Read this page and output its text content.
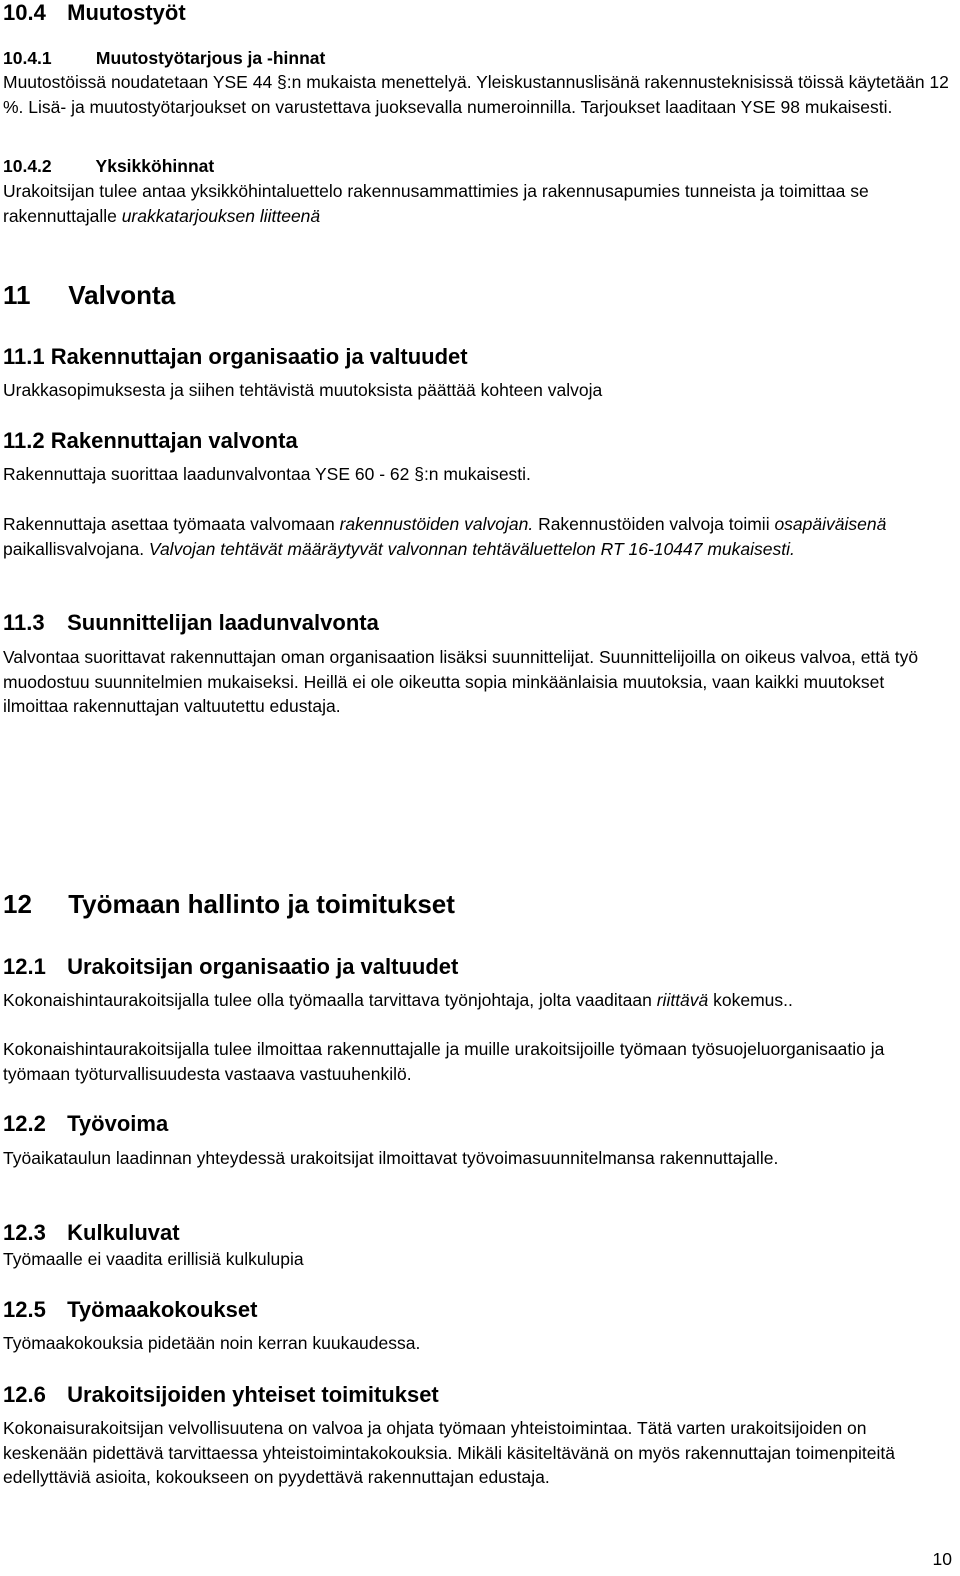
10.4 Muutostyöt
10.4.1	Muutostyötarjous ja -hinnat

Muutostöissä noudatetaan YSE 44 §:n mukaista menettelyä. Yleiskustannuslisänä rakennusteknisissä töissä käytetään 12 %. Lisä- ja muutostyötarjoukset on varustettava juoksevalla numeroinnilla. Tarjoukset laaditaan YSE 98 mukaisesti.

10.4.2	Yksikköhinnat

Urakoitsijan tulee antaa yksikköhintaluettelo rakennusammattimies ja rakennusapumies tunneista ja toimittaa se rakennuttajalle urakkatarjouksen liitteenä

11 Valvonta
11.1 Rakennuttajan organisaatio ja valtuudet

Urakkasopimuksesta ja siihen tehtävistä muutoksista päättää kohteen valvoja

11.2 Rakennuttajan valvonta

Rakennuttaja suorittaa laadunvalvontaa YSE 60 - 62 §:n mukaisesti.

Rakennuttaja asettaa työmaata valvomaan rakennustöiden valvojan. Rakennustöiden valvoja toimii osapäiväisenä paikallisvalvojana. Valvojan tehtävät määräytyvät valvonnan tehtäväluettelon RT 16-10447 mukaisesti.

11.3 Suunnittelijan laadunvalvonta

Valvontaa suorittavat rakennuttajan oman organisaation lisäksi suunnittelijat. Suunnittelijoilla on oikeus valvoa, että työ muodostuu suunnitelmien mukaiseksi. Heillä ei ole oikeutta sopia minkäänlaisia muutoksia, vaan kaikki muutokset ilmoittaa rakennuttajan valtuutettu edustaja.

12 Työmaan hallinto ja toimitukset
12.1 Urakoitsijan organisaatio ja valtuudet

Kokonaishintaurakoitsijalla tulee olla työmaalla tarvittava työnjohtaja, jolta vaaditaan riittävä kokemus..

Kokonaishintaurakoitsijalla tulee ilmoittaa rakennuttajalle ja muille urakoitsijoille työmaan työsuojeluorganisaatio ja työmaan työturvallisuudesta vastaava vastuuhenkilö.

12.2 Työvoima

Työaikataulun laadinnan yhteydessä urakoitsijat ilmoittavat työvoimasuunnitelmansa rakennuttajalle.

12.3 Kulkuluvat

Työmaalle ei vaadita erillisiä kulkulupia

12.5 Työmaakokoukset

Työmaakokouksia pidetään noin kerran kuukaudessa.

12.6 Urakoitsijoiden yhteiset toimitukset

Kokonaisurakoitsijan velvollisuutena on valvoa ja ohjata työmaan yhteistoimintaa. Tätä varten urakoitsijoiden on keskenään pidettävä tarvittaessa yhteistoimintakokouksia. Mikäli käsiteltävänä on myös rakennuttajan toimenpiteitä edellyttäviä asioita, kokoukseen on pyydettävä rakennuttajan edustaja.

10
